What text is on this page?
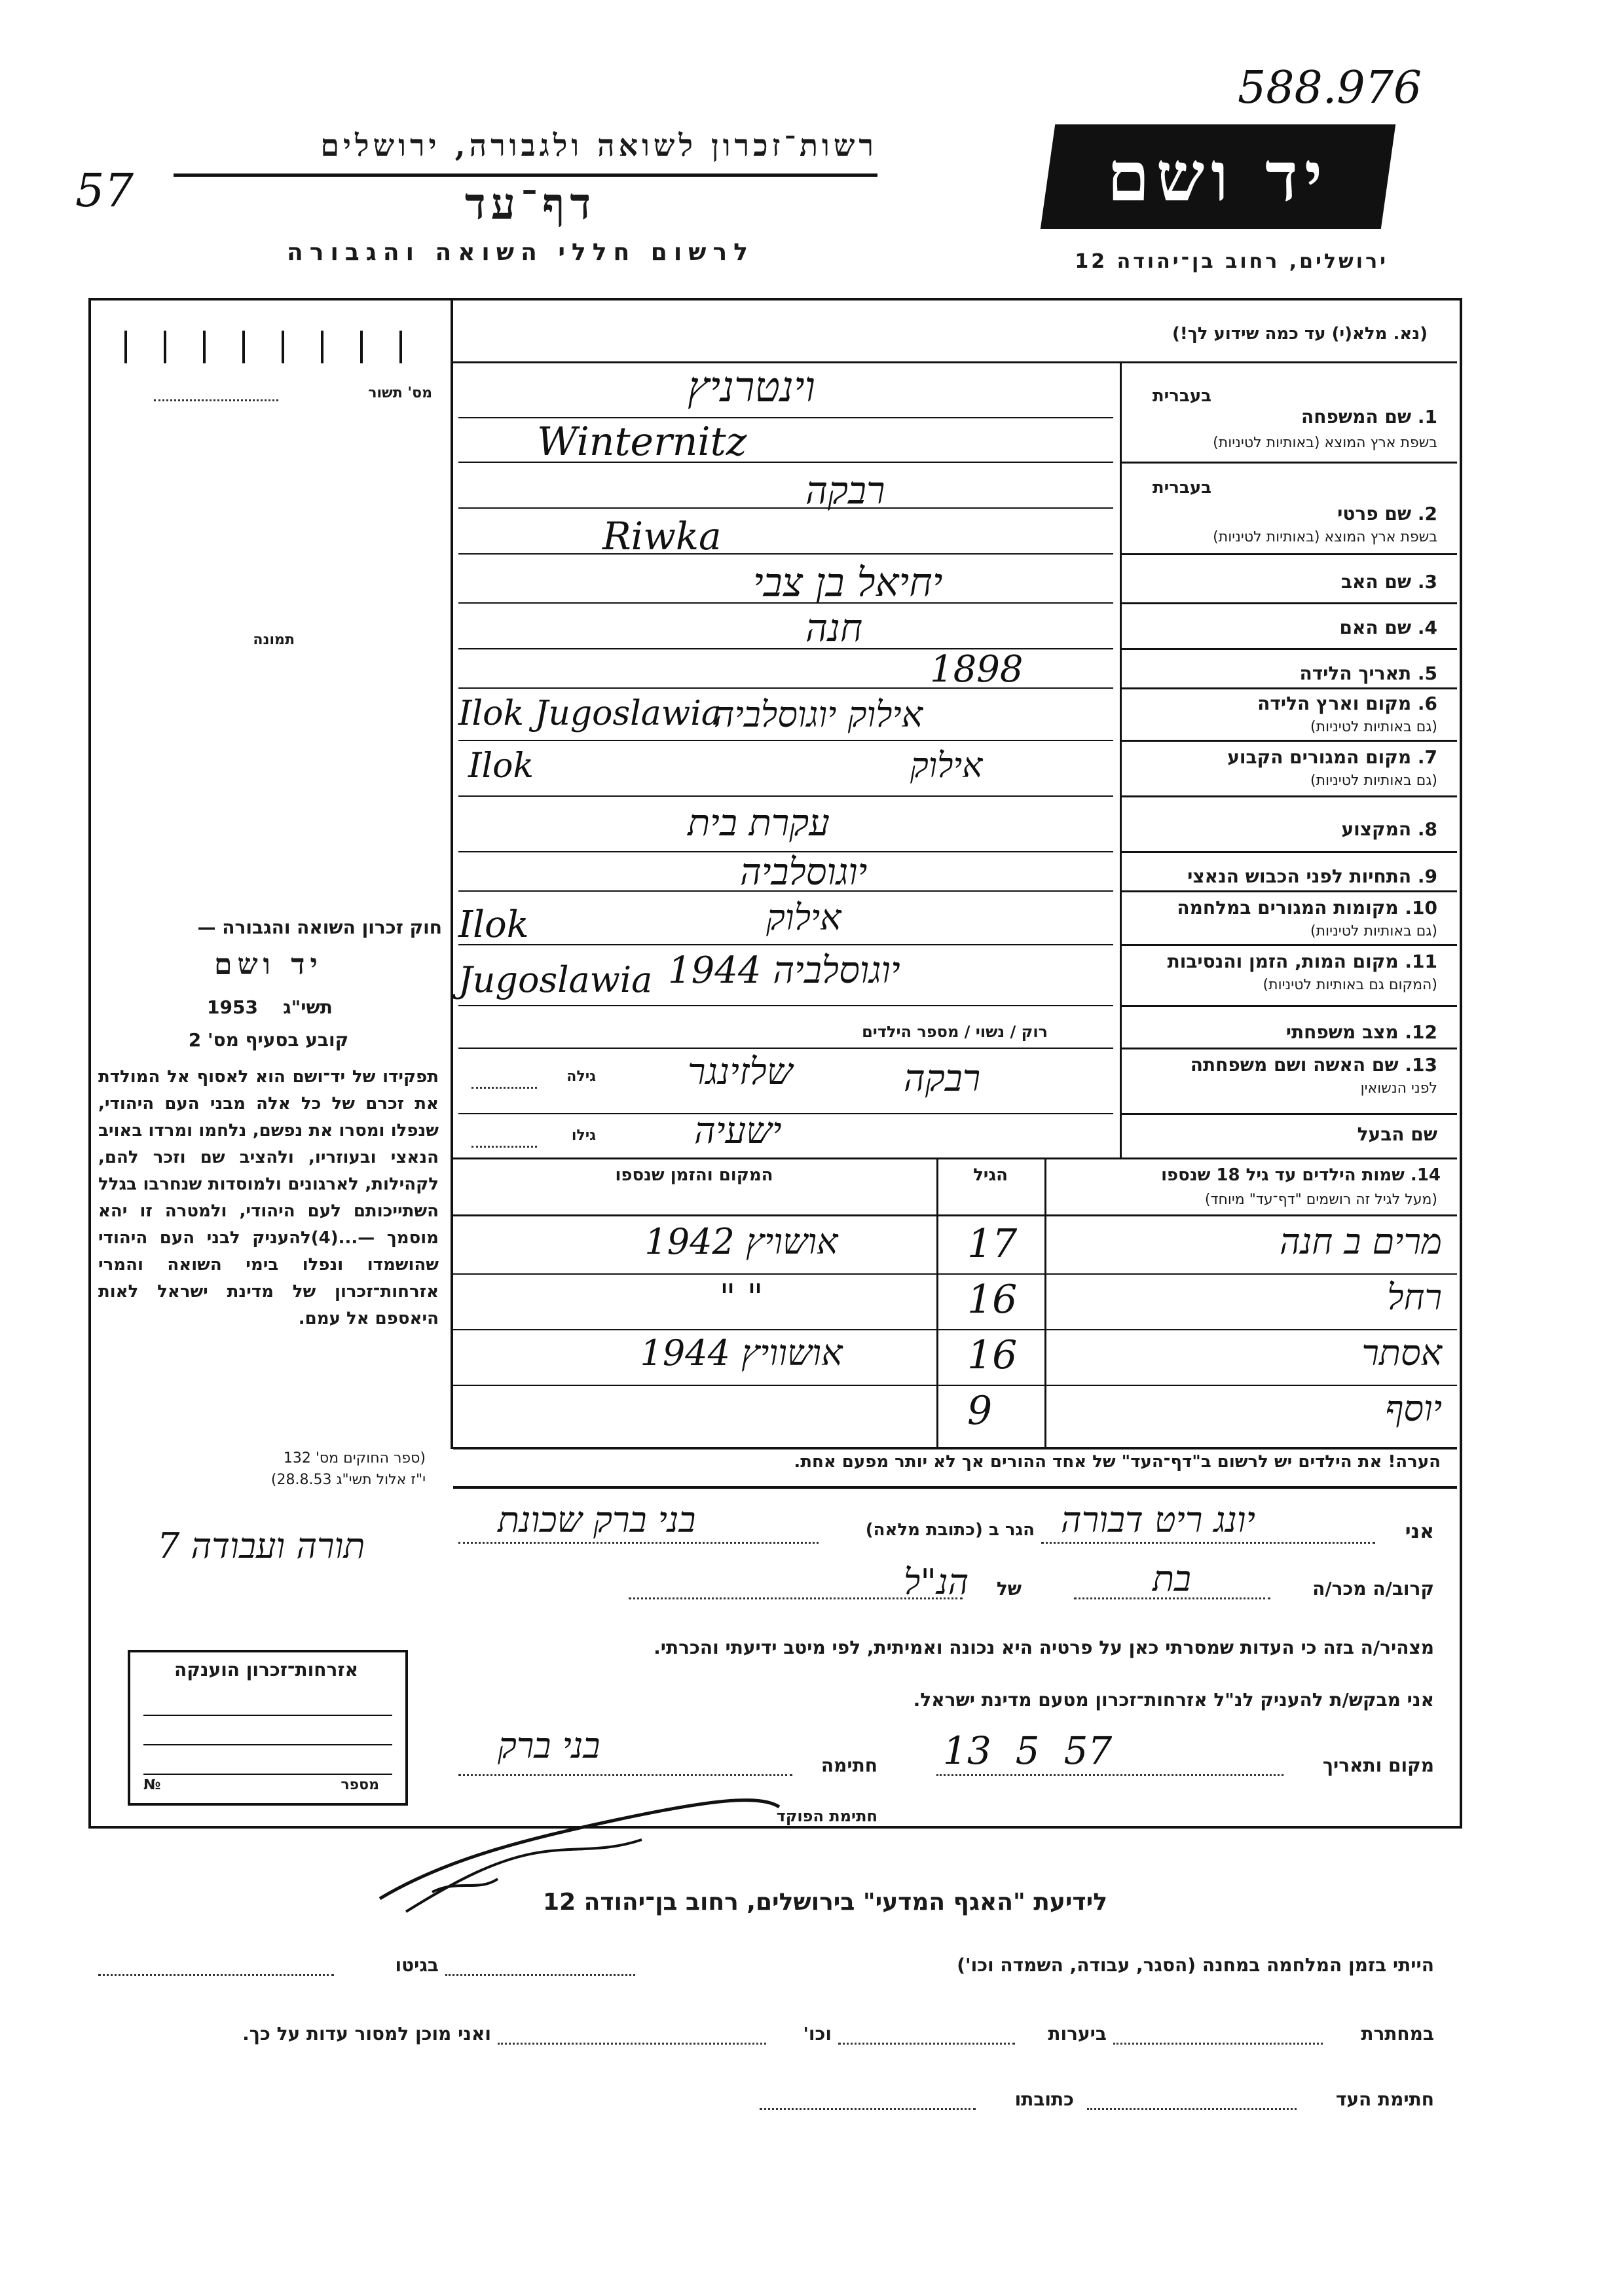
588.976
57
רשות־זכרון לשואה ולגבורה, ירושלים
דף־עד
לרשום חללי השואה והגבורה
יד ושם
ירושלים, רחוב בן־יהודה 12
מס' תשור
תמונה
חוק זכרון השואה והגבורה —
יד ושם
תשי"ג
1953
קובע בסעיף מס' 2
תפקידו של יד־ושם הוא לאסוף אל המולדת את זכרם של כל אלה מבני העם היהודי, שנפלו ומסרו את נפשם, נלחמו ומרדו באויב הנאצי ובעוזריו, ולהציב שם וזכר להם, לקהילות, לארגונים ולמוסדות שנחרבו בגלל השתייכותם לעם היהודי, ולמטרה זו יהא מוסמך —...(4)להעניק לבני העם היהודי שהושמדו ונפלו בימי השואה והמרי אזרחות־זכרון של מדינת ישראל לאות היאספם אל עמם.
(ספר החוקים מס' 132
י"ז אלול תשי"ג 28.8.53)
(נא. מלא(י) עד כמה שידוע לך!)
בעברית
1. שם המשפחה
בשפת ארץ המוצא (באותיות לטיניות)
בעברית
2. שם פרטי
בשפת ארץ המוצא (באותיות לטיניות)
3. שם האב
4. שם האם
5. תאריך הלידה
6. מקום וארץ הלידה
(גם באותיות לטיניות)
7. מקום המגורים הקבוע
(גם באותיות לטיניות)
8. המקצוע
9. התחיות לפני הכבוש הנאצי
10. מקומות המגורים במלחמה
(גם באותיות לטיניות)
11. מקום המות, הזמן והנסיבות
(המקום גם באותיות לטיניות)
12. מצב משפחתי
13. שם האשה ושם משפחתה
לפני הנשואין
שם הבעל
וינטרניץ
Winternitz
רבקה
Riwka
יחיאל בן צבי
חנה
1898
Ilok Jugoslawia
אילוק יוגוסלביה
Ilok	אילוק
עקרת בית
יוגוסלביה
Ilok	אילוק
Jugoslawia יוגוסלביה 1944
רוק / נשוי / מספר הילדים
גילה
גילו
רבקה
שלזינגר
ישעיה
14. שמות הילדים עד גיל 18 שנספו
(מעל לגיל זה רושמים "דף־עד" מיוחד)
הגיל
המקום והזמן שנספו
מרים ב חנה
17
אושויץ 1942
רחל
16
" "
אסתר
16
אושוויץ 1944
יוסף
9
הערה! את הילדים יש לרשום ב"דף־העד" של אחד ההורים אך לא יותר מפעם אחת.
אני
יונג ריט דבורה
הגר ב (כתובת מלאה)
בני ברק שכונת
תורה ועבודה 7
קרוב/ה מכר/ה
בת
של
הנ"ל
מצהיר/ה בזה כי העדות שמסרתי כאן על פרטיה היא נכונה ואמיתית, לפי מיטב ידיעתי והכרתי.
אני מבקש/ת להעניק לנ"ל אזרחות־זכרון מטעם מדינת ישראל.
אזרחות־זכרון הוענקה
מספר
№
מקום ותאריך
13  5  57
חתימה
בני ברק
חתימת הפוקד
לידיעת "האגף המדעי" בירושלים, רחוב בן־יהודה 12
הייתי בזמן המלחמה במחנה (הסגר, עבודה, השמדה וכו')
בגיטו
במחתרת
ביערות
וכו'
ואני מוכן למסור עדות על כך.
חתימת העד
כתובתו
